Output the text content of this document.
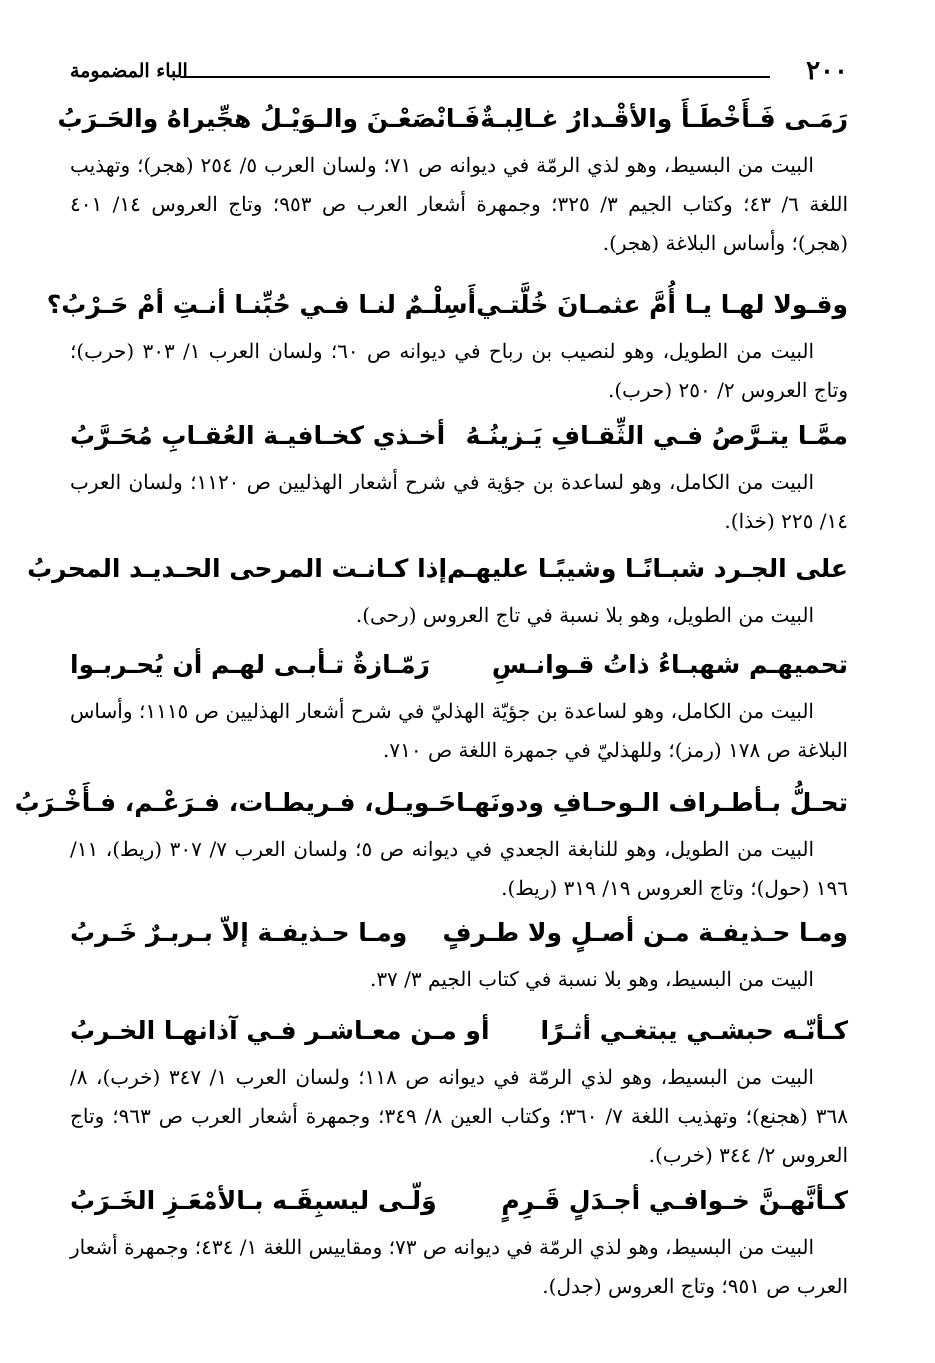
٢٠٠
الباء المضمومة
رَمَـى فَـأَخْطَـأَ والأقْـدارُ غـالِبـةٌ
فَـانْصَعْـنَ والـوَيْـلُ هجِّيراهُ والحَـرَبُ

البيت من البسيط، وهو لذي الرمّة في ديوانه ص ٧١؛ ولسان العرب ٥/ ٢٥٤ (هجر)؛ وتهذيب اللغة ٦/ ٤٣؛ وكتاب الجيم ٣/ ٣٢٥؛ وجمهرة أشعار العرب ص ٩٥٣؛ وتاج العروس ١٤/ ٤٠١ (هجر)؛ وأساس البلاغة (هجر).

وقـولا لهـا يـا أُمَّ عثمـانَ خُلَّتـي
أَسِلْـمٌ لنـا فـي حُبِّنـا أنـتِ أمْ حَـرْبُ؟

البيت من الطويل، وهو لنصيب بن رباح في ديوانه ص ٦٠؛ ولسان العرب ١/ ٣٠٣ (حرب)؛ وتاج العروس ٢/ ٢٥٠ (حرب).

ممَّـا يتـرَّصُ فـي الثِّقـافِ يَـزينُـهُ
أخـذي كخـافيـة العُقـابِ مُحَـرَّبُ

البيت من الكامل، وهو لساعدة بن جؤية في شرح أشعار الهذليين ص ١١٢٠؛ ولسان العرب ١٤/ ٢٢٥ (خذا).

على الجـرد شبـانًـا وشيبًـا عليهـم
إذا كـانـت المرحى الحـديـد المحربُ

البيت من الطويل، وهو بلا نسبة في تاج العروس (رحى).

تحميهـم شهبـاءُ ذاتُ قـوانـسِ
رَمّـازةٌ تـأبـى لهـم أن يُحـربـوا

البيت من الكامل، وهو لساعدة بن جؤيّة الهذليّ في شرح أشعار الهذليين ص ١١١٥؛ وأساس البلاغة ص ١٧٨ (رمز)؛ وللهذليّ في جمهرة اللغة ص ٧١٠.

تحـلُّ بـأطـراف الـوحـافِ ودونَهـا
حَـويـل، فـريطـات، فـرَعْـم، فـأَخْـرَبُ

البيت من الطويل، وهو للنابغة الجعدي في ديوانه ص ٥؛ ولسان العرب ٧/ ٣٠٧ (ريط)، ١١/ ١٩٦ (حول)؛ وتاج العروس ١٩/ ٣١٩ (ريط).

ومـا حـذيفـة مـن أصـلٍ ولا طـرفٍ
ومـا حـذيفـة إلاّ بـربـرٌ خَـربُ

البيت من البسيط، وهو بلا نسبة في كتاب الجيم ٣/ ٣٧.

كـأنّـه حبشـي يبتغـي أثـرًا
أو مـن معـاشـر فـي آذانهـا الخـربُ

البيت من البسيط، وهو لذي الرمّة في ديوانه ص ١١٨؛ ولسان العرب ١/ ٣٤٧ (خرب)، ٨/ ٣٦٨ (هجنع)؛ وتهذيب اللغة ٧/ ٣٦٠؛ وكتاب العين ٨/ ٣٤٩؛ وجمهرة أشعار العرب ص ٩٦٣؛ وتاج العروس ٢/ ٣٤٤ (خرب).

كـأنَّهـنَّ خـوافـي أجـدَلٍ قَـرِمٍ
وَلّـى ليسبِقَـه بـالأمْعَـزِ الخَـرَبُ

البيت من البسيط، وهو لذي الرمّة في ديوانه ص ٧٣؛ ومقاييس اللغة ١/ ٤٣٤؛ وجمهرة أشعار العرب ص ٩٥١؛ وتاج العروس (جدل).
